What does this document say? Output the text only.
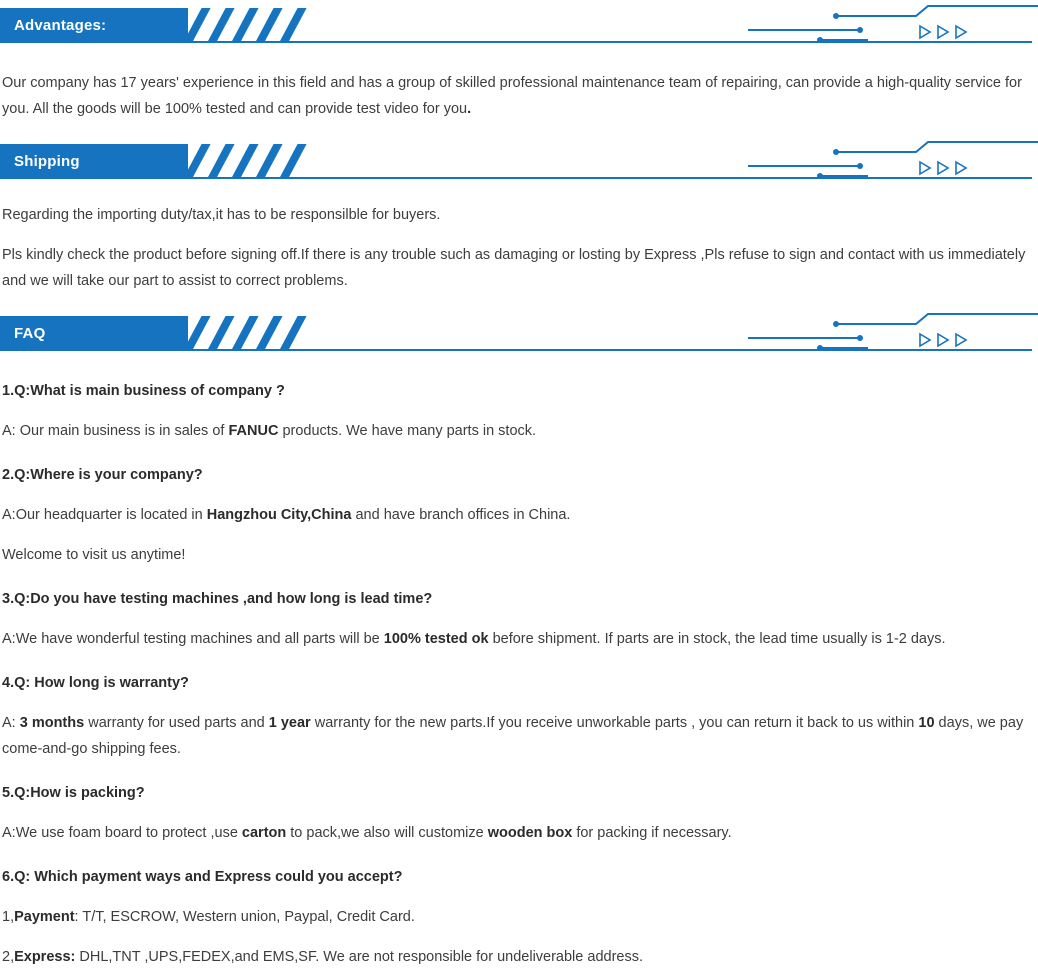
Advantages:

Our company has 17 years' experience in this field and has a group of skilled professional maintenance team of repairing, can provide a high-quality service for you. All the goods will be 100% tested and can provide test video for you.

Shipping

Regarding the importing duty/tax,it has to be responsilble for buyers.

Pls kindly check the product before signing off.If there is any trouble such as damaging or losting by Express ,Pls refuse to sign and contact with us immediately and we will take our part to assist to correct problems.

FAQ

1.Q:What is main business of company ?

A: Our main business is in sales of FANUC products. We have many parts in stock.

2.Q:Where is your company?

A:Our headquarter is located in Hangzhou City,China and have branch offices in China.

Welcome to visit us anytime!

3.Q:Do you have testing machines ,and how long is lead time?

A:We have wonderful testing machines and all parts will be 100% tested ok before shipment. If parts are in stock, the lead time usually is 1-2 days.

4.Q: How long is warranty?

A: 3 months warranty for used parts and 1 year warranty for the new parts.If you receive unworkable parts , you can return it back to us within 10 days, we pay come-and-go shipping fees.

5.Q:How is packing?

A:We use foam board to protect ,use carton to pack,we also will customize wooden box for packing if necessary.

6.Q: Which payment ways and Express could you accept?

1,Payment: T/T, ESCROW, Western union, Paypal, Credit Card.

2,Express: DHL,TNT ,UPS,FEDEX,and EMS,SF. We are not responsible for undeliverable address.
